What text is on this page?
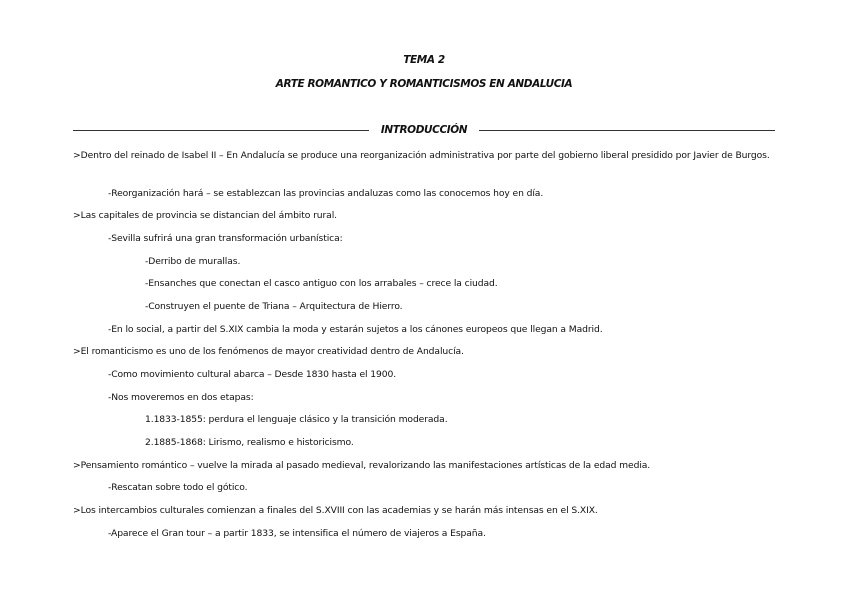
TEMA 2
ARTE ROMANTICO Y ROMANTICISMOS EN ANDALUCIA
INTRODUCCIÓN
>Dentro del reinado de Isabel II – En Andalucía se produce una reorganización administrativa por parte del gobierno liberal presidido por Javier de Burgos.
-Reorganización hará – se establezcan las provincias andaluzas como las conocemos hoy en día.
>Las capitales de provincia se distancian del ámbito rural.
-Sevilla sufrirá una gran transformación urbanística:
-Derribo de murallas.
-Ensanches que conectan el casco antiguo con los arrabales – crece la ciudad.
-Construyen el puente de Triana – Arquitectura de Hierro.
-En lo social, a partir del S.XIX cambia la moda y estarán sujetos a los cánones europeos que llegan a Madrid.
>El romanticismo es uno de los fenómenos de mayor creatividad dentro de Andalucía.
-Como movimiento cultural abarca – Desde 1830 hasta el 1900.
-Nos moveremos en dos etapas:
1.1833-1855: perdura el lenguaje clásico y la transición moderada.
2.1885-1868: Lirismo, realismo e historicismo.
>Pensamiento romántico – vuelve la mirada al pasado medieval, revalorizando las manifestaciones artísticas de la edad media.
-Rescatan sobre todo el gótico.
>Los intercambios culturales comienzan a finales del S.XVIII con las academias y se harán más intensas en el S.XIX.
-Aparece el Gran tour – a partir 1833, se intensifica el número de viajeros a España.
